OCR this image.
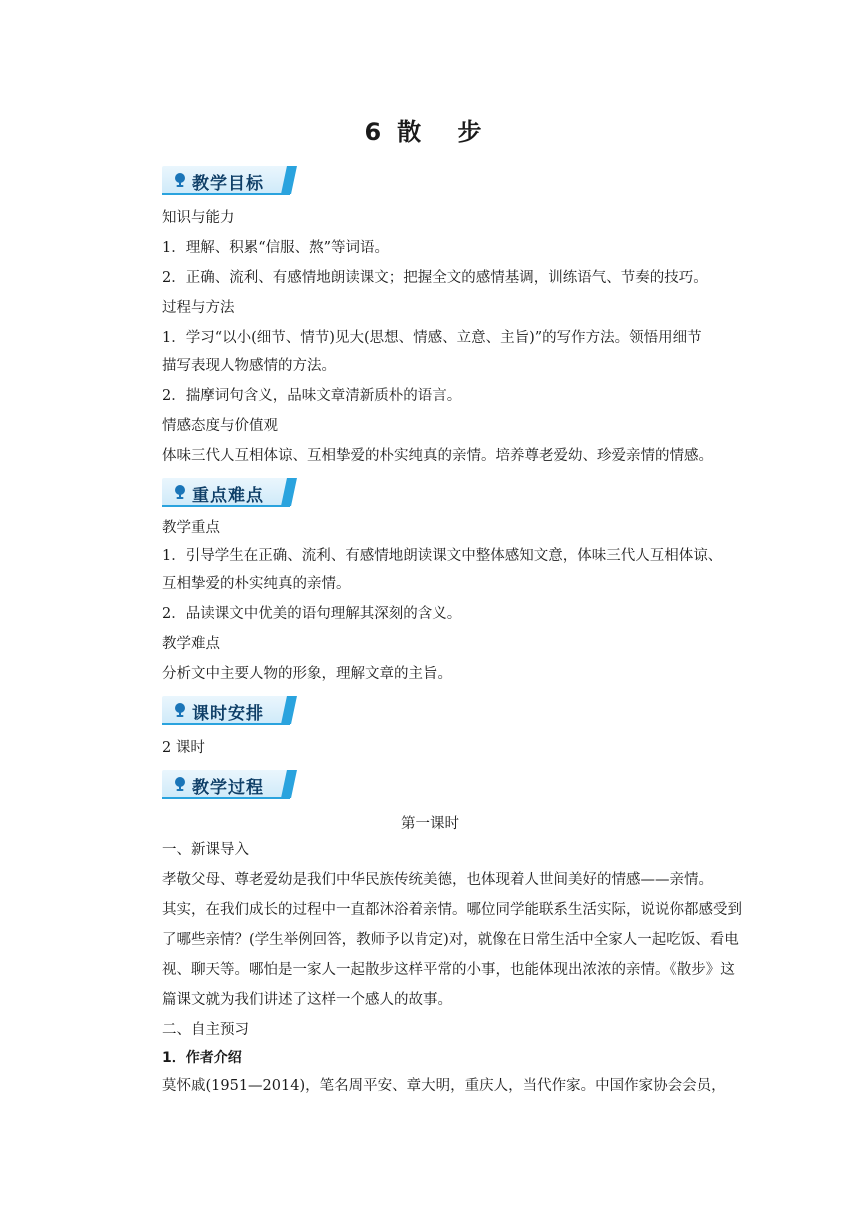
6散 步
教学目标
知识与能力
1．理解、积累“信服、熬”等词语。
2．正确、流利、有感情地朗读课文；把握全文的感情基调，训练语气、节奏的技巧。
过程与方法
1．学习“以小(细节、情节)见大(思想、情感、立意、主旨)”的写作方法。领悟用细节
描写表现人物感情的方法。
2．揣摩词句含义，品味文章清新质朴的语言。
情感态度与价值观
体味三代人互相体谅、互相挚爱的朴实纯真的亲情。培养尊老爱幼、珍爱亲情的情感。
重点难点
教学重点
1．引导学生在正确、流利、有感情地朗读课文中整体感知文意，体味三代人互相体谅、
互相挚爱的朴实纯真的亲情。
2．品读课文中优美的语句理解其深刻的含义。
教学难点
分析文中主要人物的形象，理解文章的主旨。
课时安排
2 课时
教学过程
第一课时
一、新课导入
孝敬父母、尊老爱幼是我们中华民族传统美德，也体现着人世间美好的情感——亲情。
其实，在我们成长的过程中一直都沐浴着亲情。哪位同学能联系生活实际，说说你都感受到
了哪些亲情？(学生举例回答，教师予以肯定)对，就像在日常生活中全家人一起吃饭、看电
视、聊天等。哪怕是一家人一起散步这样平常的小事，也能体现出浓浓的亲情。《散步》这
篇课文就为我们讲述了这样一个感人的故事。
二、自主预习
1．作者介绍
莫怀戚(1951—2014)，笔名周平安、章大明，重庆人，当代作家。中国作家协会会员，
